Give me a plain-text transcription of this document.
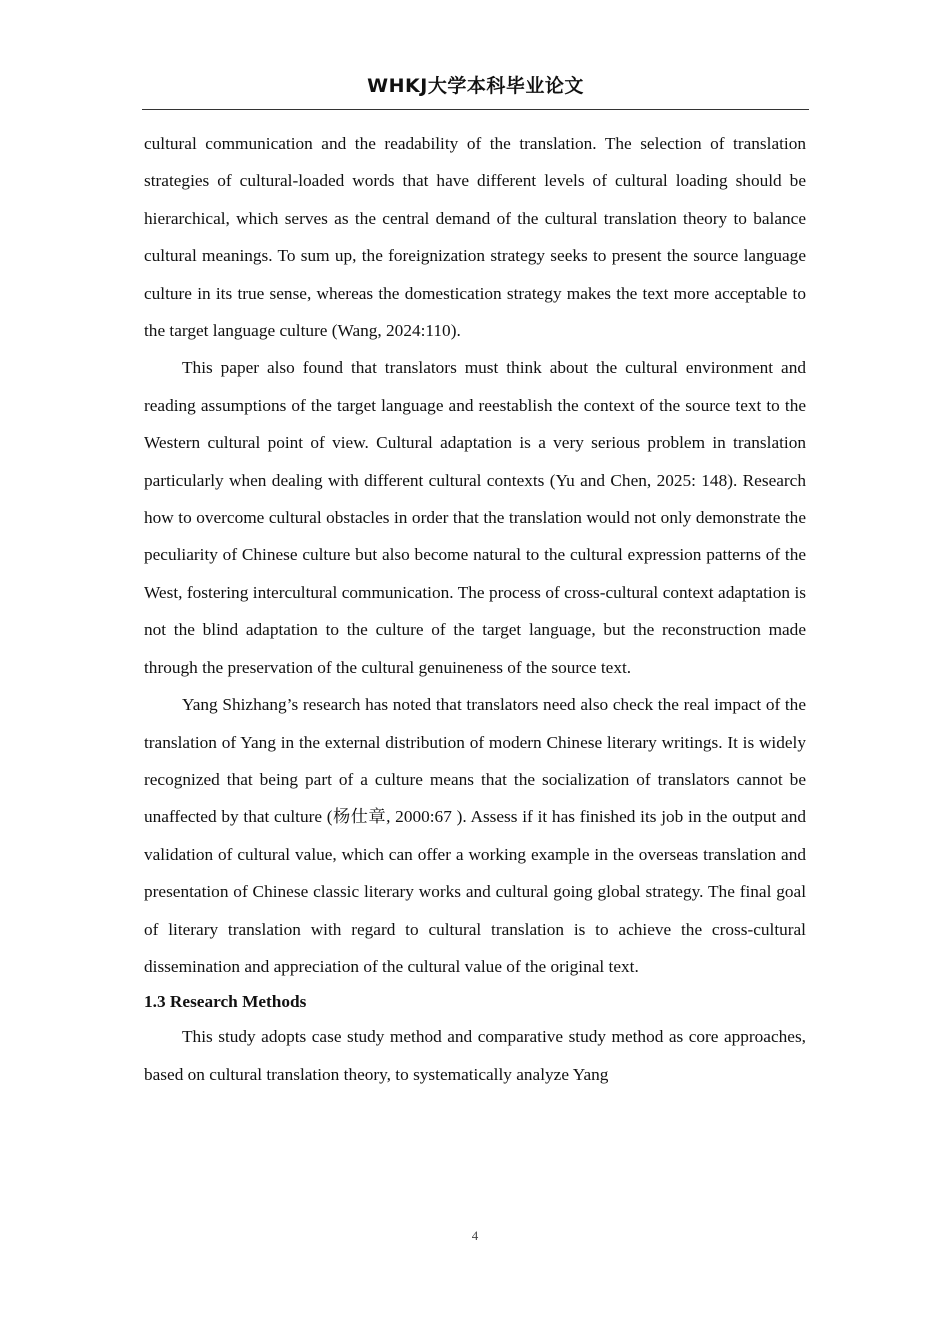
WHKJ大学本科毕业论文

cultural communication and the readability of the translation. The selection of translation strategies of cultural-loaded words that have different levels of cultural loading should be hierarchical, which serves as the central demand of the cultural translation theory to balance cultural meanings. To sum up, the foreignization strategy seeks to present the source language culture in its true sense, whereas the domestication strategy makes the text more acceptable to the target language culture (Wang, 2024:110).

This paper also found that translators must think about the cultural environment and reading assumptions of the target language and reestablish the context of the source text to the Western cultural point of view. Cultural adaptation is a very serious problem in translation particularly when dealing with different cultural contexts (Yu and Chen, 2025: 148). Research how to overcome cultural obstacles in order that the translation would not only demonstrate the peculiarity of Chinese culture but also become natural to the cultural expression patterns of the West, fostering intercultural communication. The process of cross-cultural context adaptation is not the blind adaptation to the culture of the target language, but the reconstruction made through the preservation of the cultural genuineness of the source text.

Yang Shizhang’s research has noted that translators need also check the real impact of the translation of Yang in the external distribution of modern Chinese literary writings. It is widely recognized that being part of a culture means that the socialization of translators cannot be unaffected by that culture (杨仕章, 2000:67 ). Assess if it has finished its job in the output and validation of cultural value, which can offer a working example in the overseas translation and presentation of Chinese classic literary works and cultural going global strategy. The final goal of literary translation with regard to cultural translation is to achieve the cross-cultural dissemination and appreciation of the cultural value of the original text.

1.3 Research Methods

This study adopts case study method and comparative study method as core approaches, based on cultural translation theory, to systematically analyze Yang

4
